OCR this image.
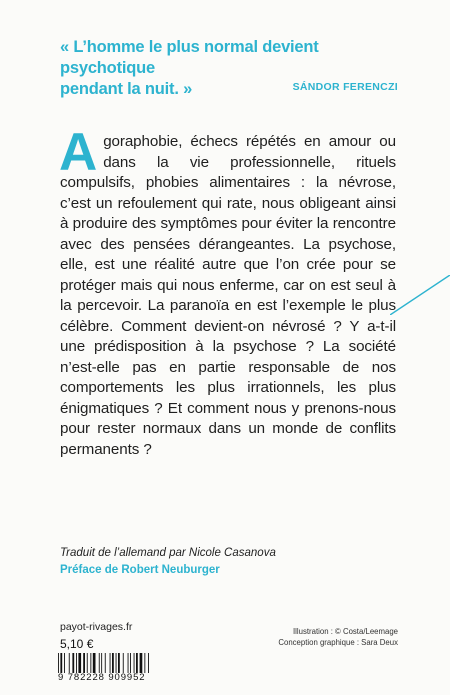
« L’homme le plus normal devient psychotique
pendant la nuit. »	SÁNDOR FERENCZI
Agoraphobie, échecs répétés en amour ou dans la vie professionnelle, rituels compulsifs, phobies alimentaires : la névrose, c’est un refoulement qui rate, nous obligeant ainsi à produire des symptômes pour éviter la rencontre avec des pensées dérangeantes. La psychose, elle, est une réalité autre que l’on crée pour se protéger mais qui nous enferme, car on est seul à la percevoir. La paranoïa en est l’exemple le plus célèbre. Comment devient-on névrosé ? Y a-t-il une prédisposition à la psychose ? La société n’est-elle pas en partie responsable de nos comportements les plus irrationnels, les plus énigmatiques ? Et comment nous y prenons-nous pour rester normaux dans un monde de conflits permanents ?
Traduit de l’allemand par Nicole Casanova
Préface de Robert Neuburger
payot-rivages.fr
5,10 €
9 782228 909952
Illustration : © Costa/Leemage
Conception graphique : Sara Deux
